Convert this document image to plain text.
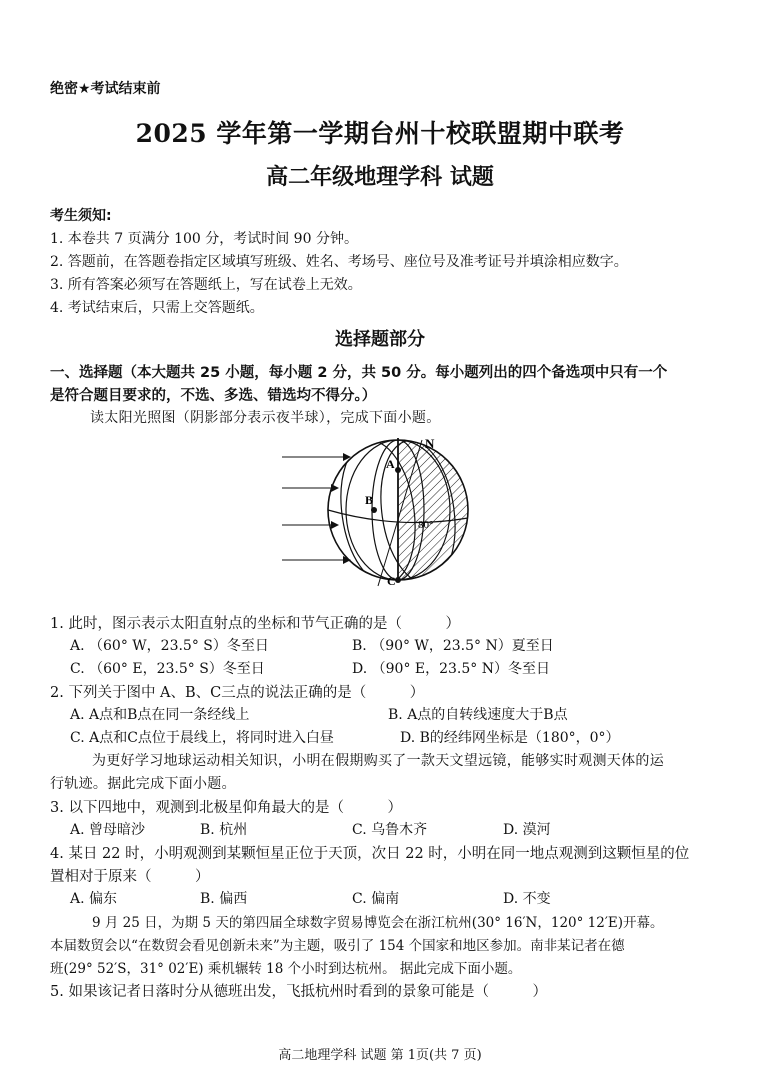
绝密★考试结束前
2025 学年第一学期台州十校联盟期中联考
高二年级地理学科 试题
考生须知:
1. 本卷共 7 页满分 100 分，考试时间 90 分钟。
2. 答题前，在答题卷指定区域填写班级、姓名、考场号、座位号及准考证号并填涂相应数字。
3. 所有答案必须写在答题纸上，写在试卷上无效。
4. 考试结束后，只需上交答题纸。
选择题部分
一、选择题（本大题共 25 小题，每小题 2 分，共 50 分。每小题列出的四个备选项中只有一个
是符合题目要求的，不选、多选、错选均不得分。）
读太阳光照图（阴影部分表示夜半球），完成下面小题。
N
A
B
C
80°
1. 此时，图示表示太阳直射点的坐标和节气正确的是（　　　）
A. （60° W，23.5° S）冬至日	B. （90° W，23.5° N）夏至日
C. （60° E，23.5° S）冬至日	D. （90° E，23.5° N）冬至日
2. 下列关于图中 A、B、C三点的说法正确的是（　　　）
A. A点和B点在同一条经线上	B. A点的自转线速度大于B点
C. A点和C点位于晨线上，将同时进入白昼	D. B的经纬网坐标是（180°，0°）
为更好学习地球运动相关知识，小明在假期购买了一款天文望远镜，能够实时观测天体的运
行轨迹。据此完成下面小题。
3. 以下四地中，观测到北极星仰角最大的是（　　　）
A. 曾母暗沙	B. 杭州	C. 乌鲁木齐	D. 漠河
4. 某日 22 时，小明观测到某颗恒星正位于天顶，次日 22 时，小明在同一地点观测到这颗恒星的位
置相对于原来（　　　）
A. 偏东	B. 偏西	C. 偏南	D. 不变
9 月 25 日，为期 5 天的第四届全球数字贸易博览会在浙江杭州(30° 16′N，120° 12′E)开幕。
本届数贸会以“在数贸会看见创新未来”为主题，吸引了 154 个国家和地区参加。南非某记者在德
班(29° 52′S，31° 02′E) 乘机辗转 18 个小时到达杭州。 据此完成下面小题。
5. 如果该记者日落时分从德班出发，飞抵杭州时看到的景象可能是（　　　）
高二地理学科 试题 第 1页(共 7 页)
